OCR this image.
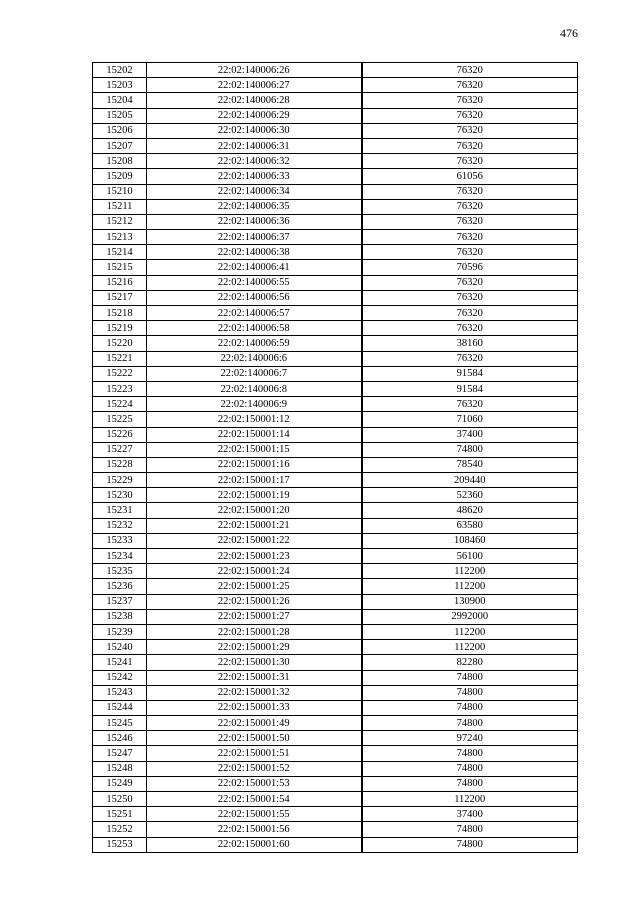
476
15202	22:02:140006:26	76320
15203	22:02:140006:27	76320
15204	22:02:140006:28	76320
15205	22:02:140006:29	76320
15206	22:02:140006:30	76320
15207	22:02:140006:31	76320
15208	22:02:140006:32	76320
15209	22:02:140006:33	61056
15210	22:02:140006:34	76320
15211	22:02:140006:35	76320
15212	22:02:140006:36	76320
15213	22:02:140006:37	76320
15214	22:02:140006:38	76320
15215	22:02:140006:41	70596
15216	22:02:140006:55	76320
15217	22:02:140006:56	76320
15218	22:02:140006:57	76320
15219	22:02:140006:58	76320
15220	22:02:140006:59	38160
15221	22:02:140006:6	76320
15222	22:02:140006:7	91584
15223	22:02:140006:8	91584
15224	22:02:140006:9	76320
15225	22:02:150001:12	71060
15226	22:02:150001:14	37400
15227	22:02:150001:15	74800
15228	22:02:150001:16	78540
15229	22:02:150001:17	209440
15230	22:02:150001:19	52360
15231	22:02:150001:20	48620
15232	22:02:150001:21	63580
15233	22:02:150001:22	108460
15234	22:02:150001:23	56100
15235	22:02:150001:24	112200
15236	22:02:150001:25	112200
15237	22:02:150001:26	130900
15238	22:02:150001:27	2992000
15239	22:02:150001:28	112200
15240	22:02:150001:29	112200
15241	22:02:150001:30	82280
15242	22:02:150001:31	74800
15243	22:02:150001:32	74800
15244	22:02:150001:33	74800
15245	22:02:150001:49	74800
15246	22:02:150001:50	97240
15247	22:02:150001:51	74800
15248	22:02:150001:52	74800
15249	22:02:150001:53	74800
15250	22:02:150001:54	112200
15251	22:02:150001:55	37400
15252	22:02:150001:56	74800
15253	22:02:150001:60	74800
